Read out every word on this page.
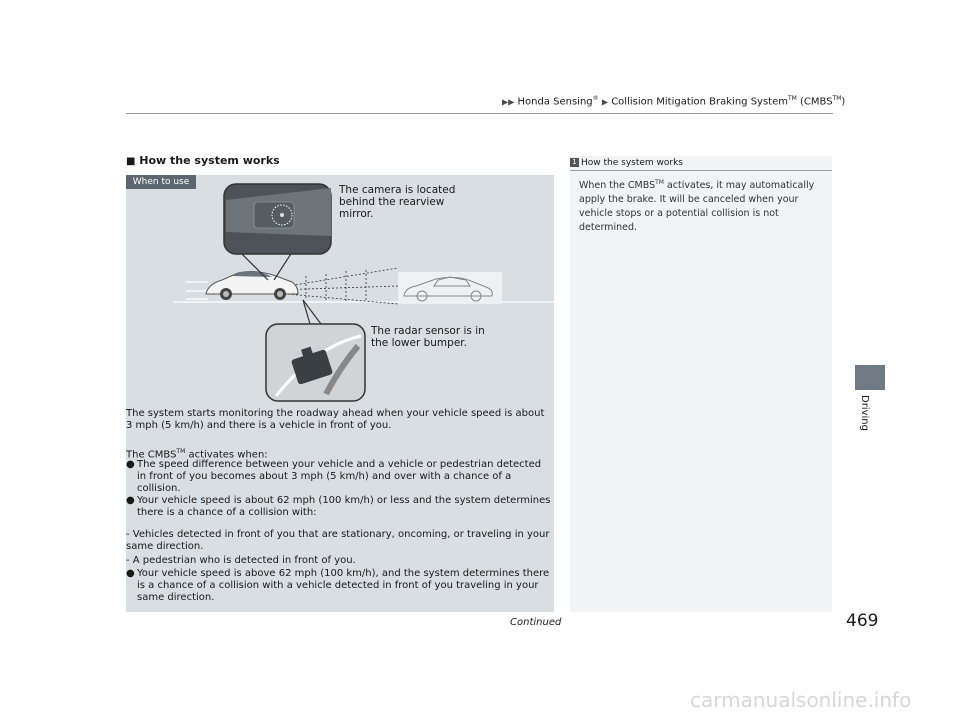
▶▶ Honda Sensing® ▶ Collision Mitigation Braking System™ (CMBS™)
■ How the system works
When to use
The camera is located
behind the rearview
mirror.
The radar sensor is in
the lower bumper.
The system starts monitoring the roadway ahead when your vehicle speed is about 3 mph (5 km/h) and there is a vehicle in front of you.
The CMBS™ activates when:
● The speed difference between your vehicle and a vehicle or pedestrian detected in front of you becomes about 3 mph (5 km/h) and over with a chance of a collision.
● Your vehicle speed is about 62 mph (100 km/h) or less and the system determines there is a chance of a collision with:
- Vehicles detected in front of you that are stationary, oncoming, or traveling in your same direction.
- A pedestrian who is detected in front of you.
● Your vehicle speed is above 62 mph (100 km/h), and the system determines there is a chance of a collision with a vehicle detected in front of you traveling in your same direction.
1 How the system works
When the CMBS™ activates, it may automatically apply the brake. It will be canceled when your vehicle stops or a potential collision is not determined.
Driving
Continued	469
carmanualsonline.info
